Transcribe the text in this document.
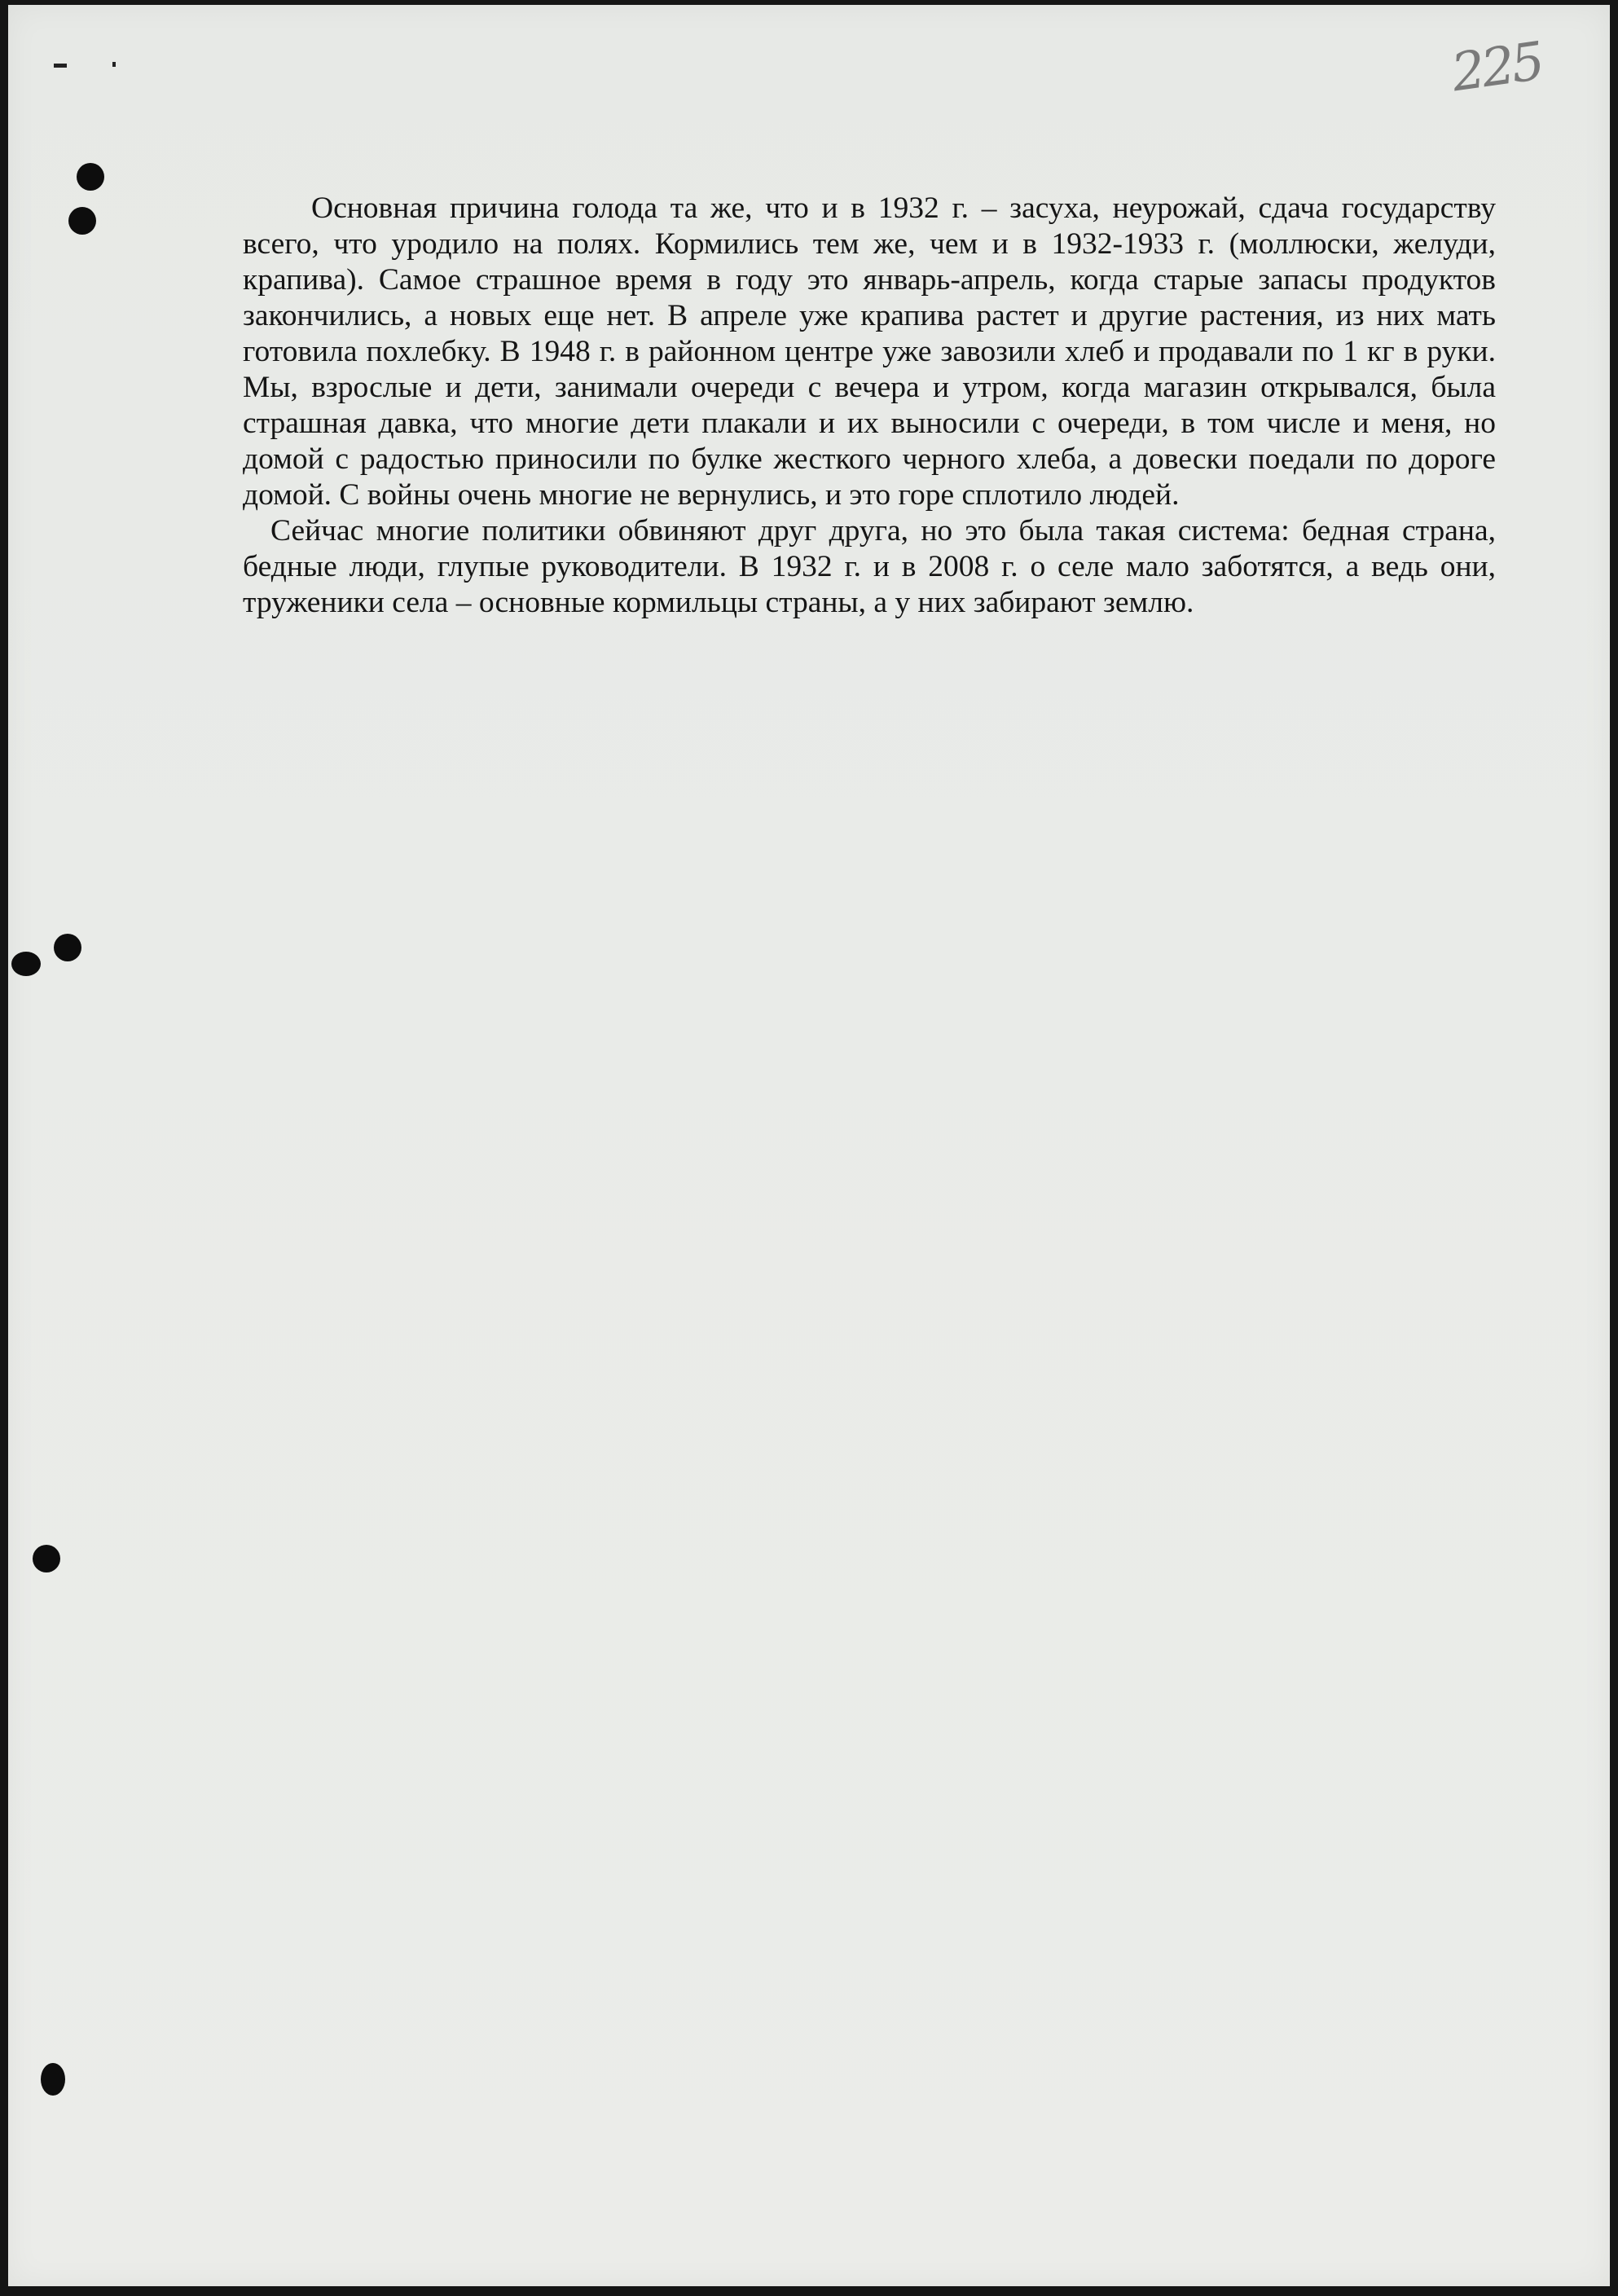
225

Основная причина голода та же, что и в 1932 г. – засуха, неурожай, сдача государству всего, что уродило на полях. Кормились тем же, чем и в 1932-1933 г. (моллюски, желуди, крапива). Самое страшное время в году это январь-апрель, когда старые запасы продуктов закончились, а новых еще нет. В апреле уже крапива растет и другие растения, из них мать готовила похлебку. В 1948 г. в районном центре уже завозили хлеб и продавали по 1 кг в руки. Мы, взрослые и дети, занимали очереди с вечера и утром, когда магазин открывался, была страшная давка, что многие дети плакали и их выносили с очереди, в том числе и меня, но домой с радостью приносили по булке жесткого черного хлеба, а довески поедали по дороге домой. С войны очень многие не вернулись, и это горе сплотило людей.

Сейчас многие политики обвиняют друг друга, но это была такая система: бедная страна, бедные люди, глупые руководители. В 1932 г. и в 2008 г. о селе мало заботятся, а ведь они, труженики села – основные кормильцы страны, а у них забирают землю.
